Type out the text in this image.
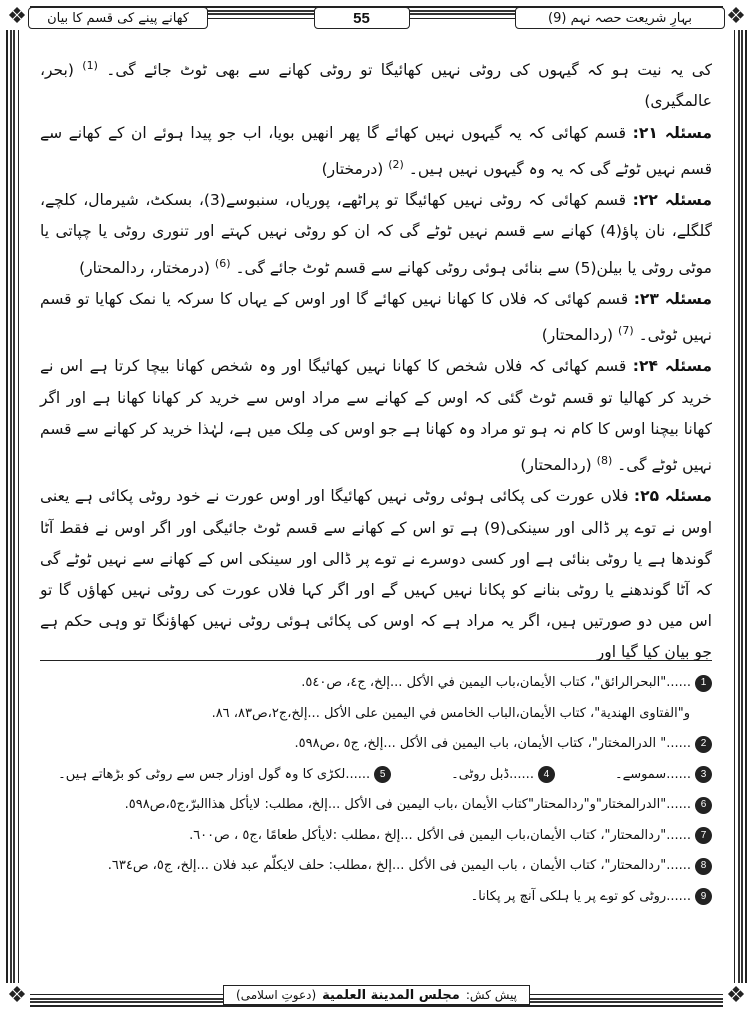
❖	❖
❖	❖
بہارِ شریعت حصہ نہم (9)
55
کھانے پینے کی قسم کا بیان

کی یہ نیت ہو کہ گیہوں کی روٹی نہیں کھائیگا تو روٹی کھانے سے بھی ٹوٹ جائے گی۔ $^{(1)}$ (بحر، عالمگیری)

مسئلہ ۲۱: قسم کھائی کہ یہ گیہوں نہیں کھائے گا پھر انھیں بویا، اب جو پیدا ہوئے ان کے کھانے سے قسم نہیں ٹوٹے گی کہ یہ وہ گیہوں نہیں ہیں۔ $^{(2)}$ (درمختار)

مسئلہ ۲۲: قسم کھائی کہ روٹی نہیں کھائیگا تو پراٹھے، پوریاں، سنبوسے(3)، بسکٹ، شیرمال، کلچے، گلگلے، نان پاؤ(4) کھانے سے قسم نہیں ٹوٹے گی کہ ان کو روٹی نہیں کہتے اور تنوری روٹی یا چپاتی یا موٹی روٹی یا بیلن(5) سے بنائی ہوئی روٹی کھانے سے قسم ٹوٹ جائے گی۔ $^{(6)}$ (درمختار، ردالمحتار)

مسئلہ ۲۳: قسم کھائی کہ فلاں کا کھانا نہیں کھائے گا اور اوس کے یہاں کا سرکہ یا نمک کھایا تو قسم نہیں ٹوٹی۔ $^{(7)}$ (ردالمحتار)

مسئلہ ۲۴: قسم کھائی کہ فلاں شخص کا کھانا نہیں کھائیگا اور وہ شخص کھانا بیچا کرتا ہے اس نے خرید کر کھالیا تو قسم ٹوٹ گئی کہ اوس کے کھانے سے مراد اوس سے خرید کر کھانا کھانا ہے اور اگر کھانا بیچنا اوس کا کام نہ ہو تو مراد وہ کھانا ہے جو اوس کی مِلک میں ہے، لہٰذا خرید کر کھانے سے قسم نہیں ٹوٹے گی۔ $^{(8)}$ (ردالمحتار)

مسئلہ ۲۵: فلاں عورت کی پکائی ہوئی روٹی نہیں کھائیگا اور اوس عورت نے خود روٹی پکائی ہے یعنی اوس نے توے پر ڈالی اور سینکی(9) ہے تو اس کے کھانے سے قسم ٹوٹ جائیگی اور اگر اوس نے فقط آٹا گوندھا ہے یا روٹی بنائی ہے اور کسی دوسرے نے توے پر ڈالی اور سینکی اس کے کھانے سے نہیں ٹوٹے گی کہ آٹا گوندھنے یا روٹی بنانے کو پکانا نہیں کہیں گے اور اگر کہا فلاں عورت کی روٹی نہیں کھاؤں گا تو اس میں دو صورتیں ہیں، اگر یہ مراد ہے کہ اوس کی پکائی ہوئی روٹی نہیں کھاؤنگا تو وہی حکم ہے جو بیان کیا گیا اور

1
......"البحرالرائق"، كتاب الأيمان،باب اليمين في الأكل ...إلخ، ج٤، ص٥٤٠.
و"الفتاوى الهندية"، كتاب الأيمان،الباب الخامس في اليمين على الأكل ...إلخ،ج٢،ص٨٣، ٨٦.
2
......" الدرالمختار"، كتاب الأيمان، باب اليمين فى الأكل ...إلخ، ج٥ ،ص٥٩٨.
3
......سموسے۔
4
......ڈبل روٹی۔
5
......لکڑی کا وہ گول اوزار جس سے روٹی کو بڑھاتے ہیں۔
6
......"الدرالمختار"و"ردالمحتار"كتاب الأيمان ،باب اليمين فى الأكل ...إلخ، مطلب: لايأكل هذاالبرّ،ج٥،ص٥٩٨.
7
......"ردالمحتار"، كتاب الأيمان،باب اليمين فى الأكل ...إلخ ،مطلب :لايأكل طعامًا ،ج٥ ، ص٦٠٠.
8
......"ردالمحتار"، كتاب الأيمان ، باب اليمين فى الأكل ...إلخ ،مطلب: حلف لايكلّم عبد فلان ...إلخ، ج٥، ص٦٣٤.
9
......روٹی کو توے پر یا ہلکی آنچ پر پکانا۔
پیش کش:
مجلس المدينة العلمية
(دعوتِ اسلامی)
